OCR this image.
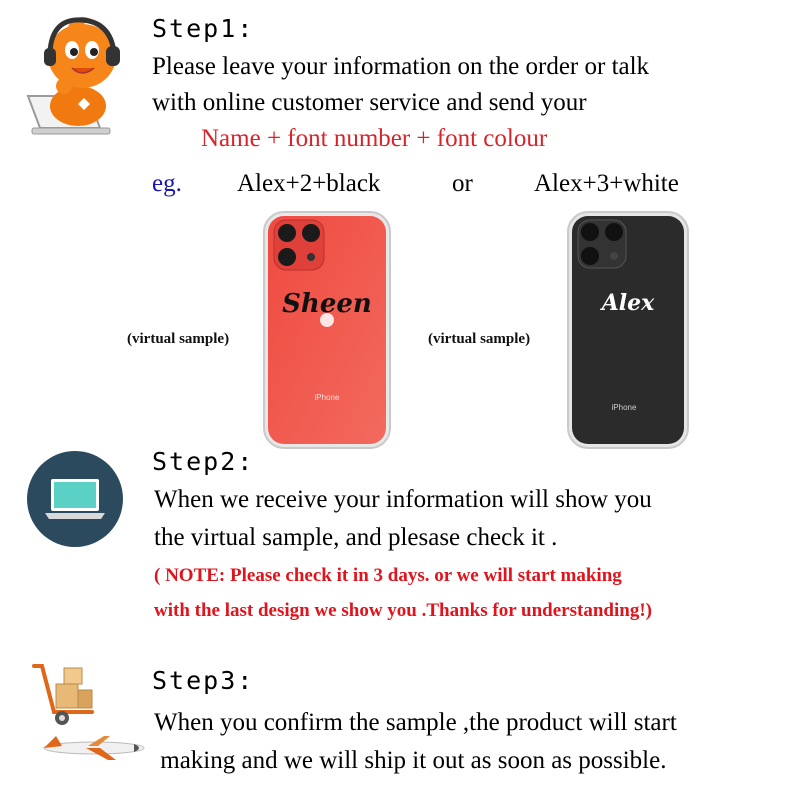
Step1:
Please leave your information on the order or talk
with online customer service and send your
Name + font number + font colour
eg. Alex+2+black	or Alex+3+white
(virtual sample)	(virtual sample)
Sheen
iPhone
Alex
iPhone
Step2:
When we receive your information will show you
the virtual sample, and plesase check it .
( NOTE: Please check it in 3 days. or we will start making
with the last design we show you .Thanks for understanding!)
Step3:
When you confirm the sample ,the product will start
making and we will ship it out as soon as possible.
